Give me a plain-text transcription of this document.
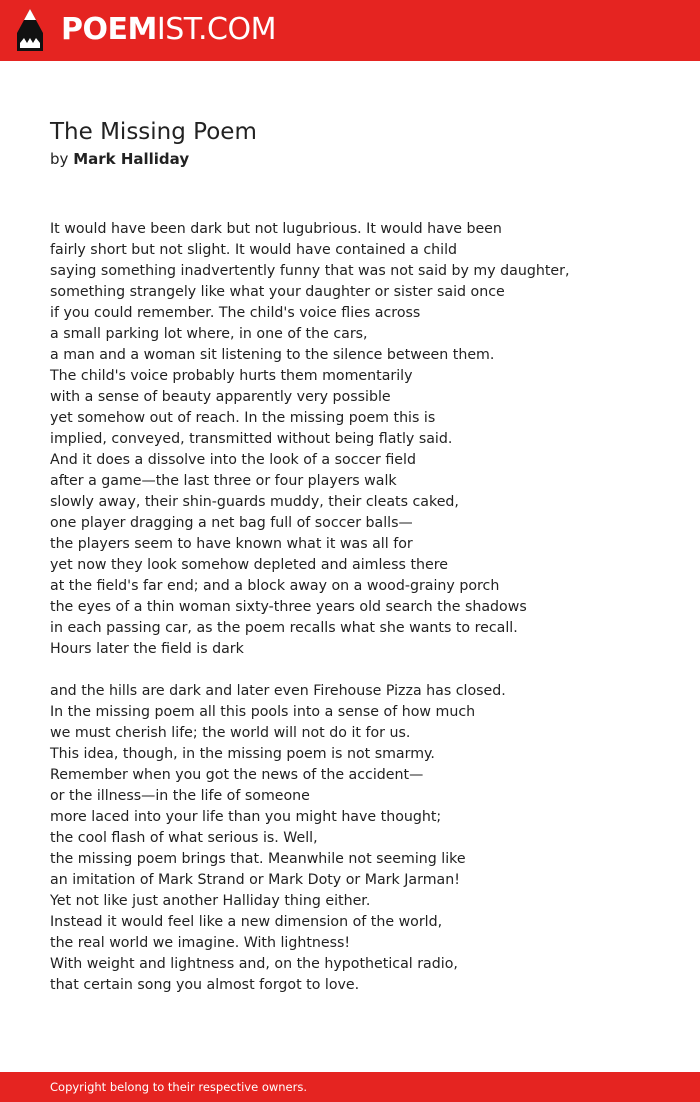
POEMIST.COM
The Missing Poem
by Mark Halliday
It would have been dark but not lugubrious. It would have been
fairly short but not slight. It would have contained a child
saying something inadvertently funny that was not said by my daughter,
something strangely like what your daughter or sister said once
if you could remember. The child's voice flies across
a small parking lot where, in one of the cars,
a man and a woman sit listening to the silence between them.
The child's voice probably hurts them momentarily
with a sense of beauty apparently very possible
yet somehow out of reach. In the missing poem this is
implied, conveyed, transmitted without being flatly said.
And it does a dissolve into the look of a soccer field
after a game—the last three or four players walk
slowly away, their shin-guards muddy, their cleats caked,
one player dragging a net bag full of soccer balls—
the players seem to have known what it was all for
yet now they look somehow depleted and aimless there
at the field's far end; and a block away on a wood-grainy porch
the eyes of a thin woman sixty-three years old search the shadows
in each passing car, as the poem recalls what she wants to recall.
Hours later the field is dark
and the hills are dark and later even Firehouse Pizza has closed.
In the missing poem all this pools into a sense of how much
we must cherish life; the world will not do it for us.
This idea, though, in the missing poem is not smarmy.
Remember when you got the news of the accident—
or the illness—in the life of someone
more laced into your life than you might have thought;
the cool flash of what serious is. Well,
the missing poem brings that. Meanwhile not seeming like
an imitation of Mark Strand or Mark Doty or Mark Jarman!
Yet not like just another Halliday thing either.
Instead it would feel like a new dimension of the world,
the real world we imagine. With lightness!
With weight and lightness and, on the hypothetical radio,
that certain song you almost forgot to love.
Copyright belong to their respective owners.
